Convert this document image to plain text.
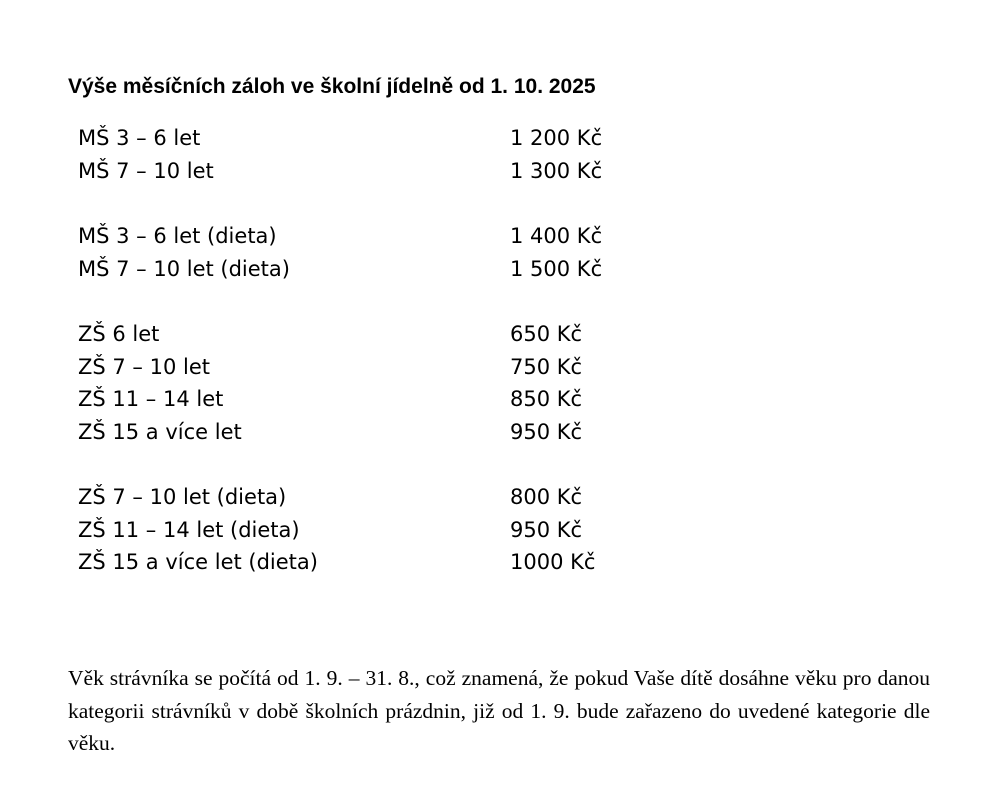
Výše měsíčních záloh ve školní jídelně od 1. 10. 2025
MŠ 3 – 6 let	1 200 Kč
MŠ 7 – 10 let	1 300 Kč
MŠ 3 – 6 let (dieta)	1 400 Kč
MŠ 7 – 10 let (dieta)	1 500 Kč
ZŠ 6 let	650 Kč
ZŠ 7 – 10 let	750 Kč
ZŠ 11 – 14 let	850 Kč
ZŠ 15 a více let	950 Kč
ZŠ 7 – 10 let (dieta)	800 Kč
ZŠ 11 – 14 let (dieta)	950 Kč
ZŠ 15 a více let (dieta)	1000 Kč

Věk strávníka se počítá od 1. 9. – 31. 8., což znamená, že pokud Vaše dítě dosáhne věku pro danou kategorii strávníků v době školních prázdnin, již od 1. 9. bude zařazeno do uvedené kategorie dle věku.
